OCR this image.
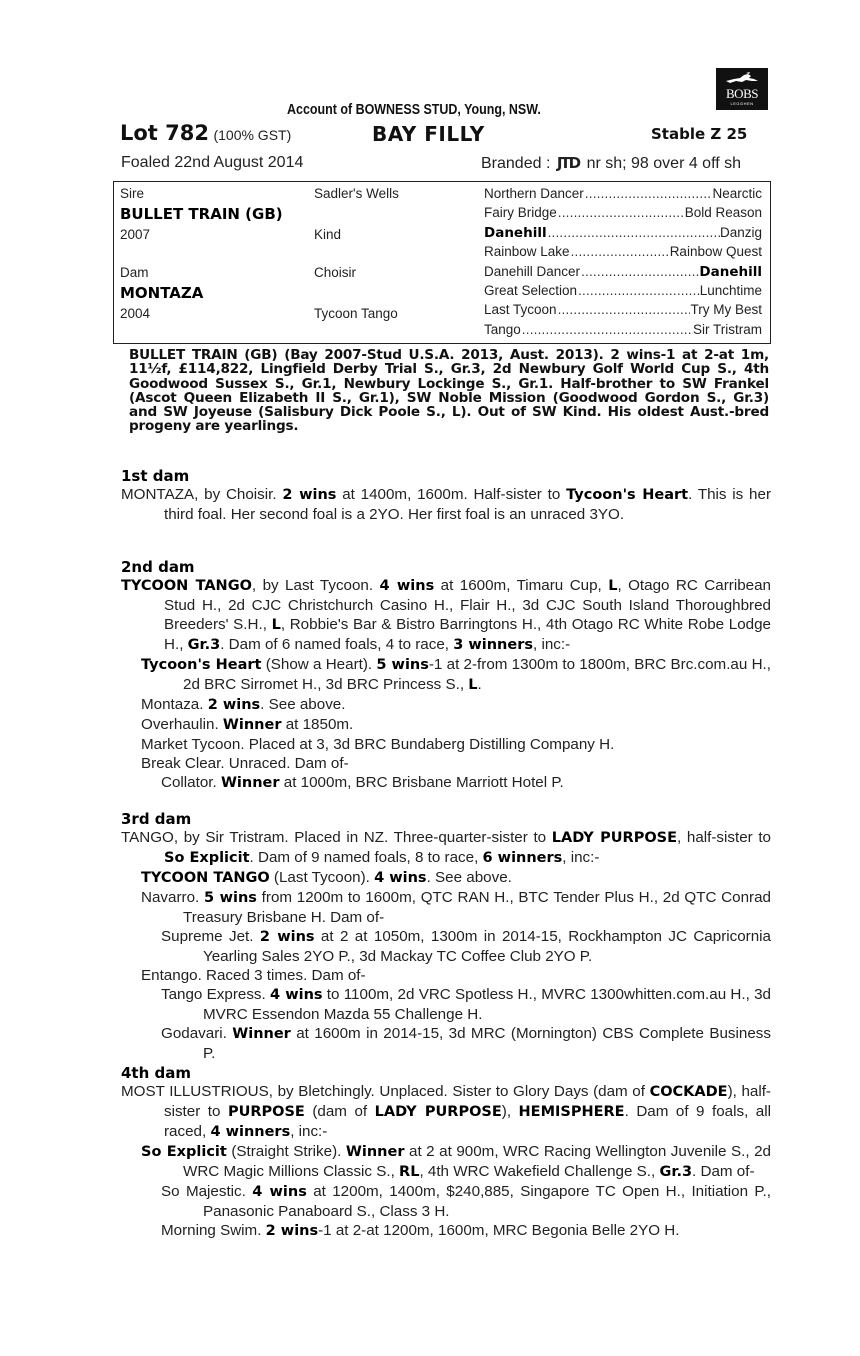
BOBS
LEGGHEN
Account of BOWNESS STUD, Young, NSW.
Lot 782 (100% GST)	BAY FILLY	Stable Z 25
Foaled 22nd August 2014	Branded : JTD nr sh; 98 over 4 off sh
Sire	Sadler's Wells
BULLET TRAIN (GB)
2007	Kind
Dam	Choisir
MONTAZA
2004	Tycoon Tango
Northern Dancer .....	Nearctic
Fairy Bridge .....	Bold Reason
Danehill .....	Danzig
Rainbow Lake .....	Rainbow Quest
Danehill Dancer .....	Danehill
Great Selection .....	Lunchtime
Last Tycoon .....	Try My Best
Tango .....	Sir Tristram
BULLET TRAIN (GB) (Bay 2007-Stud U.S.A. 2013, Aust. 2013). 2 wins-1 at 2-at 1m, 11½f, £114,822, Lingfield Derby Trial S., Gr.3, 2d Newbury Golf World Cup S., 4th Goodwood Sussex S., Gr.1, Newbury Lockinge S., Gr.1. Half-brother to SW Frankel (Ascot Queen Elizabeth II S., Gr.1), SW Noble Mission (Goodwood Gordon S., Gr.3) and SW Joyeuse (Salisbury Dick Poole S., L). Out of SW Kind. His oldest Aust.-bred progeny are yearlings.
1st dam
MONTAZA, by Choisir. 2 wins at 1400m, 1600m. Half-sister to Tycoon's Heart. This is her third foal. Her second foal is a 2YO. Her first foal is an unraced 3YO.
2nd dam
TYCOON TANGO, by Last Tycoon. 4 wins at 1600m, Timaru Cup, L, Otago RC Carribean Stud H., 2d CJC Christchurch Casino H., Flair H., 3d CJC South Island Thoroughbred Breeders' S.H., L, Robbie's Bar & Bistro Barringtons H., 4th Otago RC White Robe Lodge H., Gr.3. Dam of 6 named foals, 4 to race, 3 winners, inc:-
Tycoon's Heart (Show a Heart). 5 wins-1 at 2-from 1300m to 1800m, BRC Brc.com.au H., 2d BRC Sirromet H., 3d BRC Princess S., L.
Montaza. 2 wins. See above.
Overhaulin. Winner at 1850m.
Market Tycoon. Placed at 3, 3d BRC Bundaberg Distilling Company H.
Break Clear. Unraced. Dam of-
Collator. Winner at 1000m, BRC Brisbane Marriott Hotel P.
3rd dam
TANGO, by Sir Tristram. Placed in NZ. Three-quarter-sister to LADY PURPOSE, half-sister to So Explicit. Dam of 9 named foals, 8 to race, 6 winners, inc:-
TYCOON TANGO (Last Tycoon). 4 wins. See above.
Navarro. 5 wins from 1200m to 1600m, QTC RAN H., BTC Tender Plus H., 2d QTC Conrad Treasury Brisbane H. Dam of-
Supreme Jet. 2 wins at 2 at 1050m, 1300m in 2014-15, Rockhampton JC Capricornia Yearling Sales 2YO P., 3d Mackay TC Coffee Club 2YO P.
Entango. Raced 3 times. Dam of-
Tango Express. 4 wins to 1100m, 2d VRC Spotless H., MVRC 1300whitten.com.au H., 3d MVRC Essendon Mazda 55 Challenge H.
Godavari. Winner at 1600m in 2014-15, 3d MRC (Mornington) CBS Complete Business P.
4th dam
MOST ILLUSTRIOUS, by Bletchingly. Unplaced. Sister to Glory Days (dam of COCKADE), half-sister to PURPOSE (dam of LADY PURPOSE), HEMISPHERE. Dam of 9 foals, all raced, 4 winners, inc:-
So Explicit (Straight Strike). Winner at 2 at 900m, WRC Racing Wellington Juvenile S., 2d WRC Magic Millions Classic S., RL, 4th WRC Wakefield Challenge S., Gr.3. Dam of-
So Majestic. 4 wins at 1200m, 1400m, $240,885, Singapore TC Open H., Initiation P., Panasonic Panaboard S., Class 3 H.
Morning Swim. 2 wins-1 at 2-at 1200m, 1600m, MRC Begonia Belle 2YO H.
